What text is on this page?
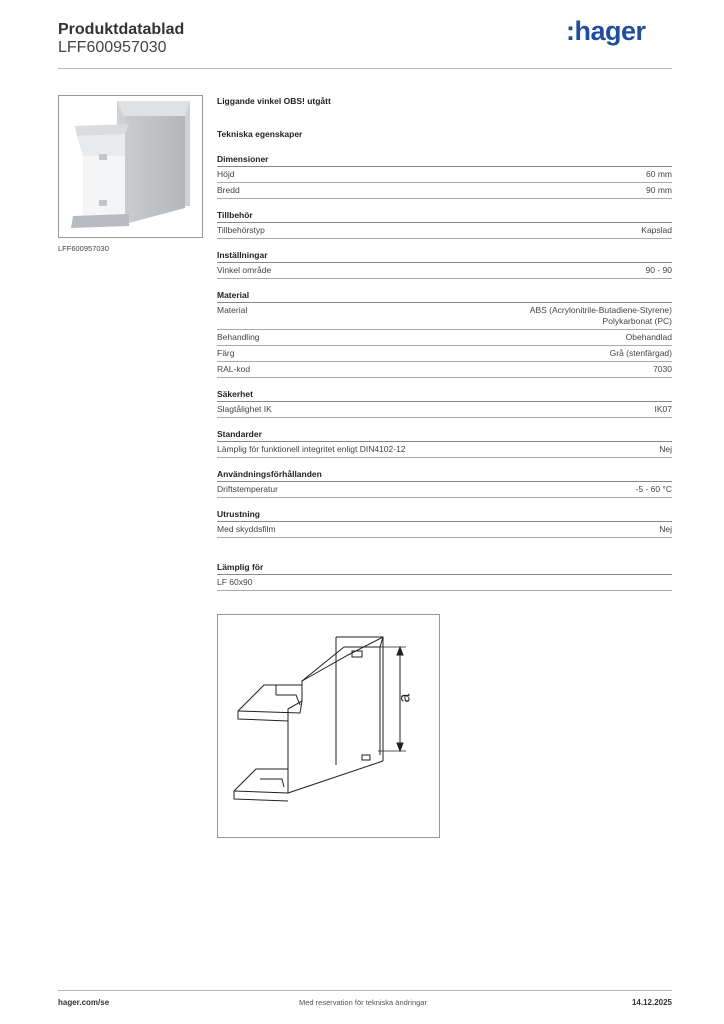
Produktdatablad
LFF600957030
:hager
LFF600957030
Liggande vinkel OBS! utgått
Tekniska egenskaper
Dimensioner
Höjd	60 mm
Bredd	90 mm
Tillbehör
Tillbehörstyp	Kapslad
Inställningar
Vinkel område	90 - 90
Material
Material	ABS (Acrylonitrile-Butadiene-Styrene)
Polykarbonat (PC)
Behandling	Obehandlad
Färg	Grå (stenfärgad)
RAL-kod	7030
Säkerhet
Slagtålighet IK	IK07
Standarder
Lämplig för funktionell integritet enligt DIN4102-12	Nej
Användningsförhållanden
Driftstemperatur	-5 - 60 °C
Utrustning
Med skyddsfilm	Nej
Lämplig för
LF 60x90
a
hager.com/se	Med reservation för tekniska ändringar	14.12.2025
